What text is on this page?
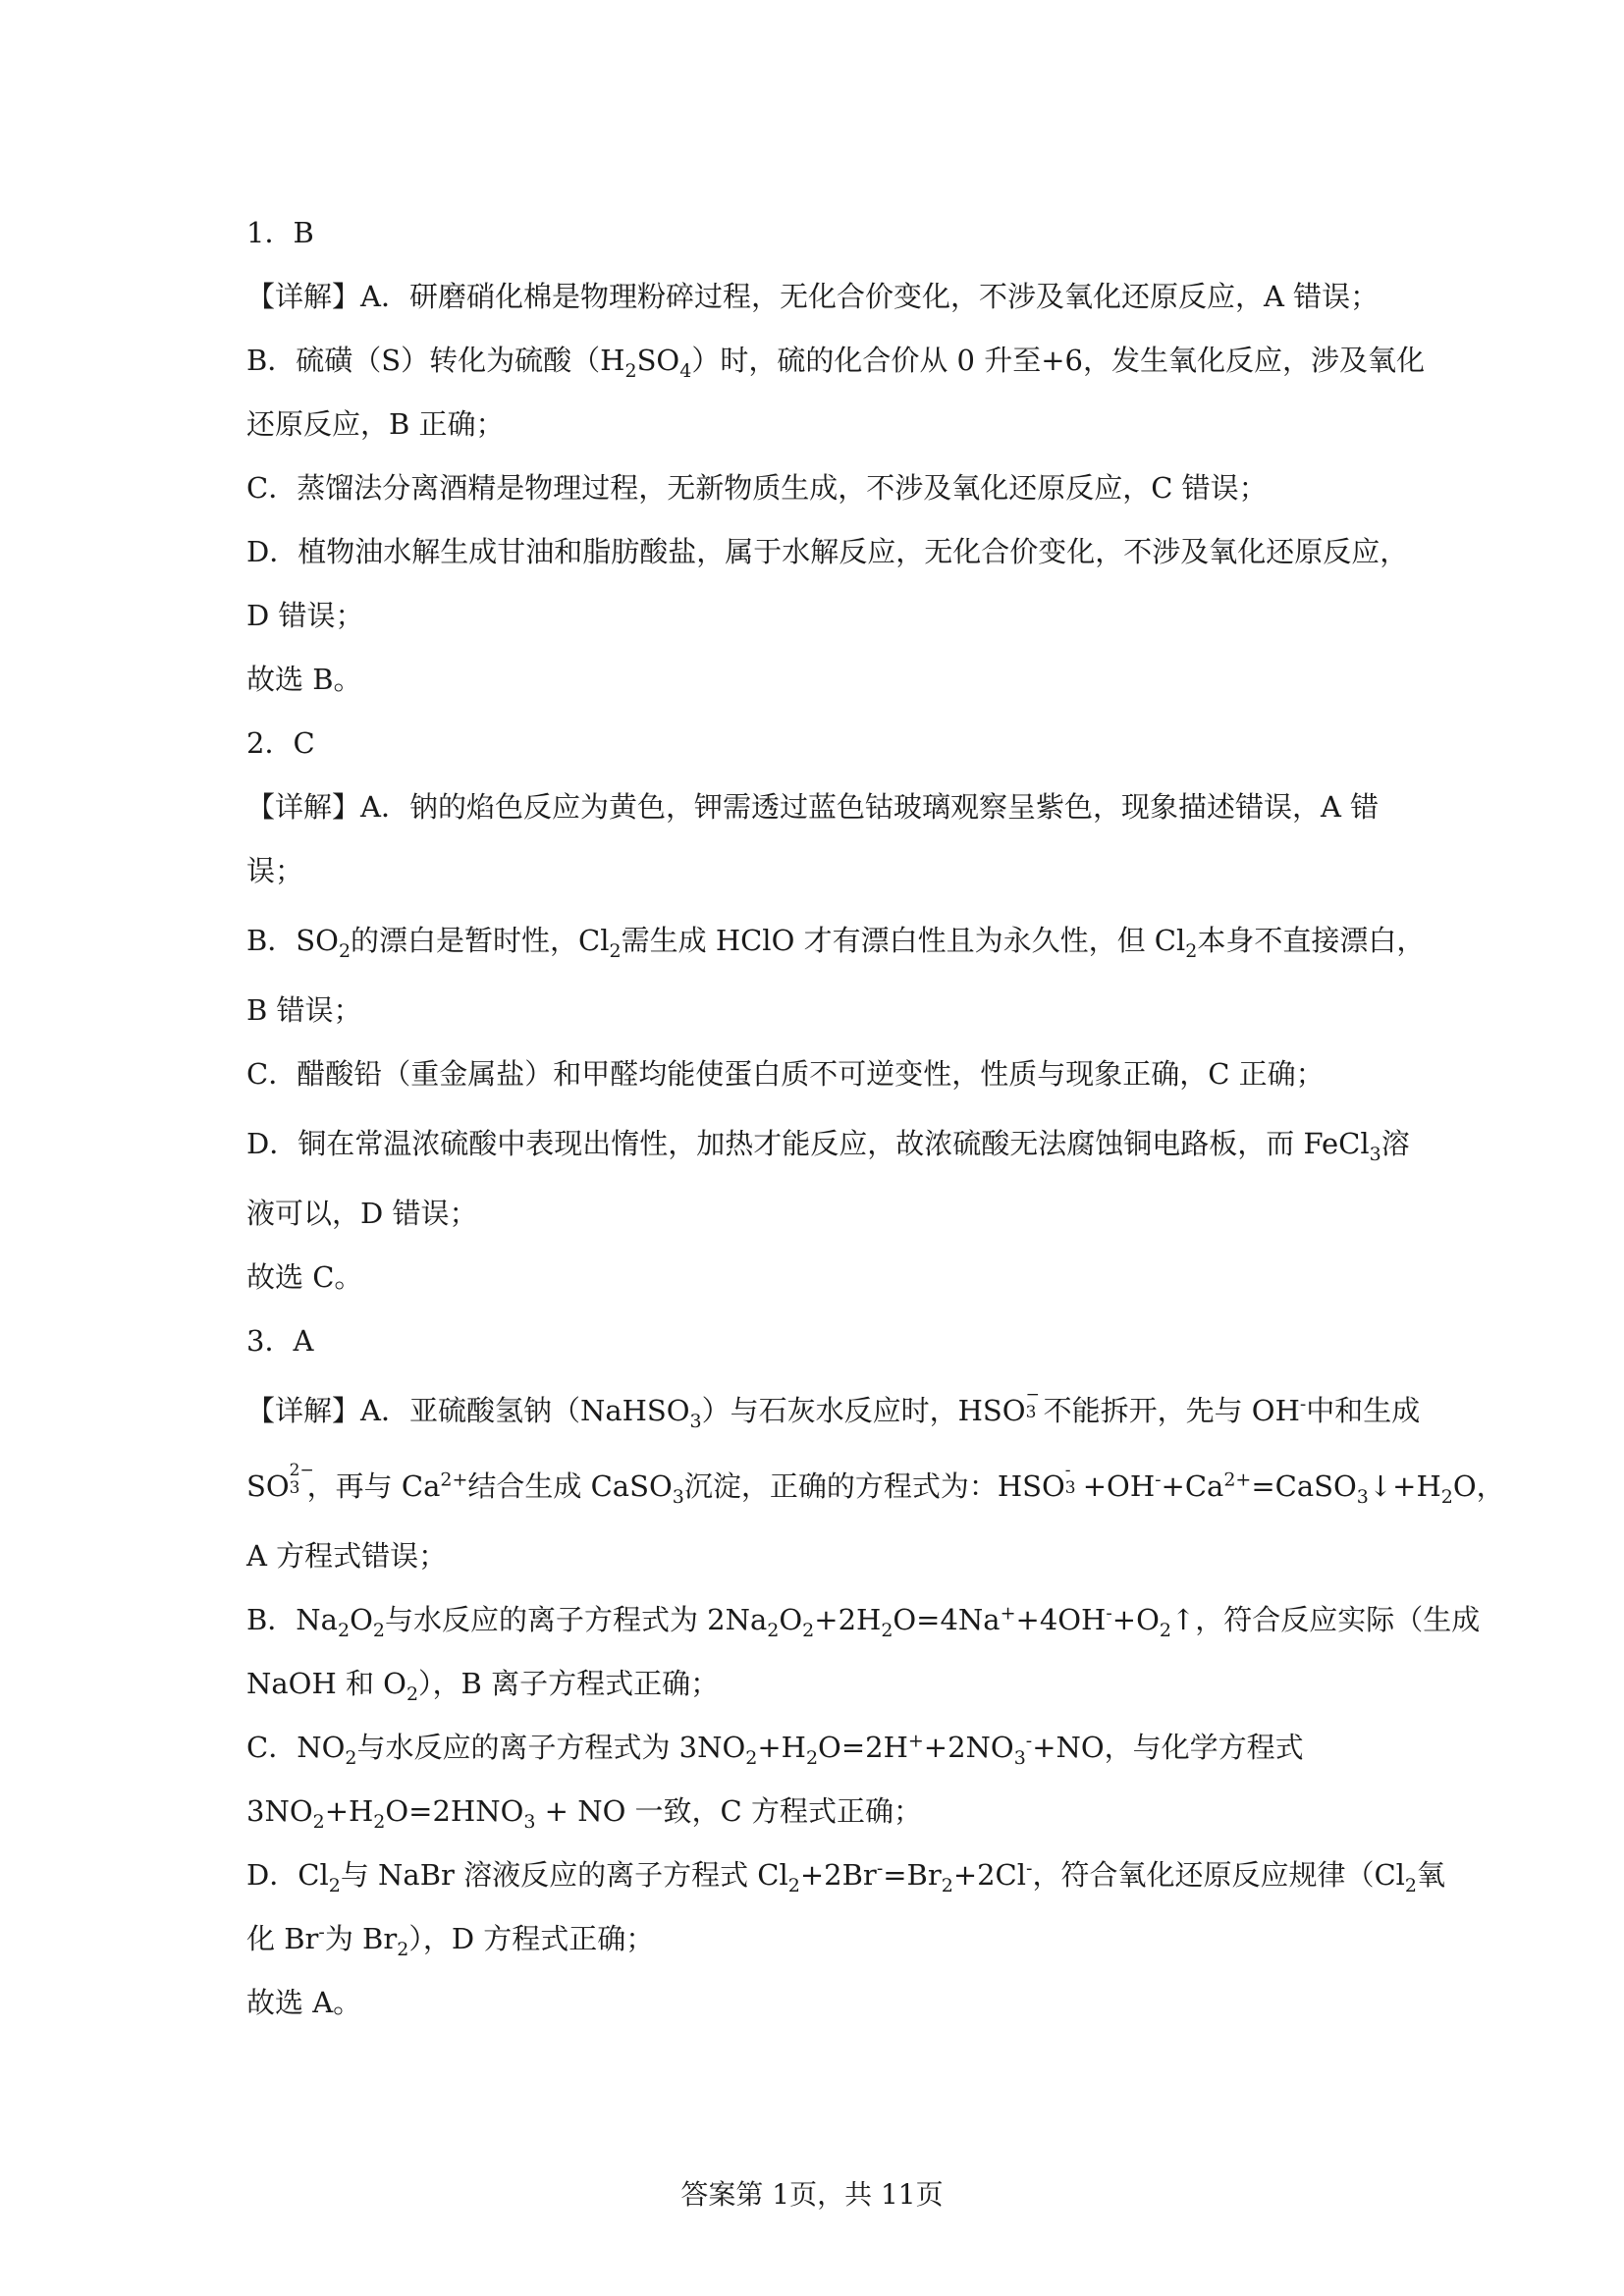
1．B

【详解】A．研磨硝化棉是物理粉碎过程，无化合价变化，不涉及氧化还原反应，A 错误；

B．硫磺（S）转化为硫酸$(H_2SO_4)$时，硫的化合价从 0 升至+6，发生氧化反应，涉及氧化

还原反应，B 正确；

C．蒸馏法分离酒精是物理过程，无新物质生成，不涉及氧化还原反应，C 错误；

D．植物油水解生成甘油和脂肪酸盐，属于水解反应，无化合价变化，不涉及氧化还原反应，

D 错误；

故选 B。

2．C

【详解】A．钠的焰色反应为黄色，钾需透过蓝色钴玻璃观察呈紫色，现象描述错误，A 错

误；

B．$SO_2$的漂白是暂时性，$Cl_2$需生成 HClO 才有漂白性且为永久性，但 $Cl_2$本身不直接漂白，

B 错误；

C．醋酸铅（重金属盐）和甲醛均能使蛋白质不可逆变性，性质与现象正确，C 正确；

D．铜在常温浓硫酸中表现出惰性，加热才能反应，故浓硫酸无法腐蚀铜电路板，而 FeCl$_3$溶

液可以，D 错误；

故选 C。

3．A

【详解】A．亚硫酸氢钠（NaHSO$_3$）与石灰水反应时，HSO −
3 不能拆开，先与 OH-中和生成

SO 2−
3 ，再与 $Ca^{2+}$结合生成 CaSO$_3$沉淀，正确的方程式为：HSO -
$3 +OH^-+Ca^{2+}=CaSO_3↓+H_2O$，

A 方程式错误；

B．$Na_2O_2$与水反应的离子方程式为 $2Na_2O_2+2H_2O=4Na^++4OH^-+O_2↑$，符合反应实际（生成

NaOH 和 $O_2$），B 离子方程式正确；

C．$NO_2$与水反应的离子方程式为 $3NO_2+H_2O=2H^++2NO_3^-+NO$，与化学方程式

$3NO_2+H_2O=2HNO_3$ + NO 一致，C 方程式正确；

D．$Cl_2$与 NaBr 溶液反应的离子方程式 $Cl_2+2Br^-=Br_2+2Cl^-$，符合氧化还原反应规律（$Cl_2$氧

化 Br-为 $Br_2$），D 方程式正确；

故选 A。

答案第 1页，共 11页
